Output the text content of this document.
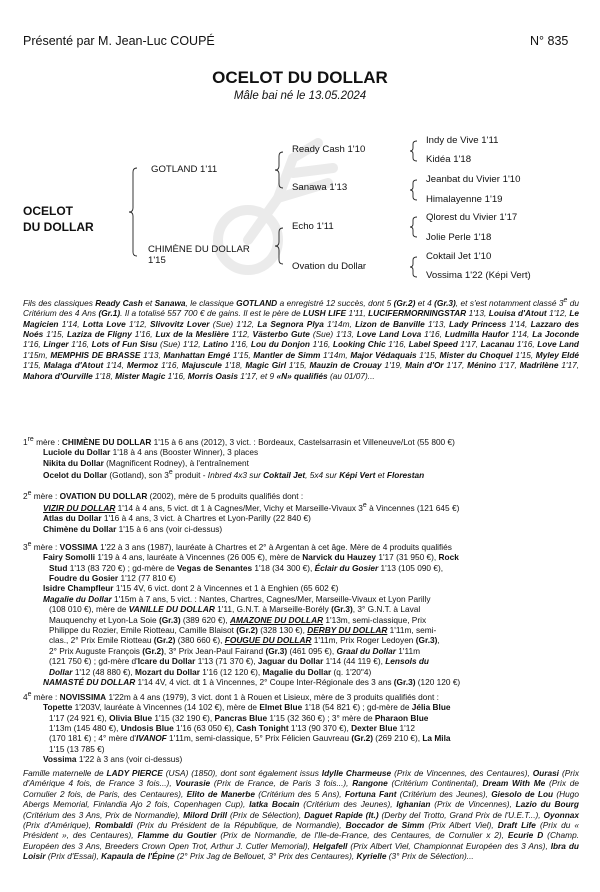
Présenté par M. Jean-Luc COUPÉ	N° 835
OCELOT DU DOLLAR
Mâle bai né le 13.05.2024
OCELOT
DU DOLLAR
GOTLAND 1'11
CHIMÈNE DU DOLLAR
1'15
Ready Cash 1'10
Sanawa 1'13
Echo 1'11
Ovation du Dollar
Indy de Vive 1'11
Kidéa 1'18
Jeanbat du Vivier 1'10
Himalayenne 1'19
Qlorest du Vivier 1'17
Jolie Perle 1'18
Coktail Jet 1'10
Vossima 1'22 (Képi Vert)
Fils des classiques Ready Cash et Sanawa, le classique GOTLAND a enregistré 12 succès, dont 5 (Gr.2) et 4 (Gr.3), et s'est notamment classé 3e du Critérium des 4 Ans (Gr.1). Il a totalisé 557 700 € de gains. Il est le père de LUSH LIFE 1'11, LUCIFERMORNINGSTAR 1'13, Louisa d'Atout 1'12, Le Magicien 1'14, Lotta Love 1'12, Slivovitz Lover (Sue) 1'12, La Segnora Plya 1'14m, Lizon de Banville 1'13, Lady Princess 1'14, Lazzaro des Noés 1'15, Laziza de Fligny 1'16, Lux de la Meslière 1'12, Västerbo Gute (Sue) 1'13, Love Land Lova 1'16, Ludmilla Haufor 1'14, La Joconde 1'16, Linger 1'16, Lots of Fun Sisu (Sue) 1'12, Latino 1'16, Lou du Donjon 1'16, Looking Chic 1'16, Label Speed 1'17, Lacanau 1'16, Love Land 1'15m, MEMPHIS DE BRASSE 1'13, Manhattan Emgé 1'15, Mantler de Simm 1'14m, Major Védaquais 1'15, Mister du Choquel 1'15, Myley Eldé 1'15, Malaga d'Atout 1'14, Mermoz 1'16, Majuscule 1'18, Magic Girl 1'15, Mauzin de Crouay 1'19, Main d'Or 1'17, Ménino 1'17, Madrilène 1'17, Mahora d'Ourville 1'18, Mister Magic 1'16, Morris Oasis 1'17, et 9 «N» qualifiés (au 01/07)...

1re mère : CHIMÈNE DU DOLLAR 1'15 à 6 ans (2012), 3 vict. : Bordeaux, Castelsarrasin et Villeneuve/Lot (55 800 €)

Luciole du Dollar 1'18 à 4 ans (Booster Winner), 3 places

Nikita du Dollar (Magnificent Rodney), à l'entraînement

Ocelot du Dollar (Gotland), son 3e produit - Inbred 4x3 sur Coktail Jet, 5x4 sur Képi Vert et Florestan

2e mère : OVATION DU DOLLAR (2002), mère de 5 produits qualifiés dont :

VIZIR DU DOLLAR 1'14 à 4 ans, 5 vict. dt 1 à Cagnes/Mer, Vichy et Marseille-Vivaux 3e à Vincennes (121 645 €)

Atlas du Dollar 1'16 à 4 ans, 3 vict. à Chartres et Lyon-Parilly (22 840 €)

Chimène du Dollar 1'15 à 6 ans (voir ci-dessus)

3e mère : VOSSIMA 1'22 à 3 ans (1987), lauréate à Chartres et 2° à Argentan à cet âge. Mère de 4 produits qualifiés

Fairy Somolli 1'19 à 4 ans, lauréate à Vincennes (26 005 €), mère de Narvick du Hauzey 1'17 (31 950 €), Rock

Stud 1'13 (83 720 €) ; gd-mère de Vegas de Senantes 1'18 (34 300 €), Éclair du Gosier 1'13 (105 090 €),

Foudre du Gosier 1'12 (77 810 €)

Isidre Champfleur 1'15 4V, 6 vict. dont 2 à Vincennes et 1 à Enghien (65 602 €)

Magalie du Dollar 1'15m à 7 ans, 5 vict. : Nantes, Chartres, Cagnes/Mer, Marseille-Vivaux et Lyon Parilly

(108 010 €), mère de VANILLE DU DOLLAR 1'11, G.N.T. à Marseille-Borély (Gr.3), 3° G.N.T. à Laval

Mauquenchy et Lyon-La Soie (Gr.3) (389 620 €), AMAZONE DU DOLLAR 1'13m, semi-classique, Prix

Philippe du Rozier, Emile Riotteau, Camille Blaisot (Gr.2) (328 130 €), DERBY DU DOLLAR 1'11m, semi-

clas., 2° Prix Emile Riotteau (Gr.2) (380 660 €), FOUGUE DU DOLLAR 1'11m, Prix Roger Ledoyen (Gr.3),

2° Prix Auguste François (Gr.2), 3° Prix Jean-Paul Fairand (Gr.3) (461 095 €), Graal du Dollar 1'11m

(121 750 €) ; gd-mère d'Icare du Dollar 1'13 (71 370 €), Jaguar du Dollar 1'14 (44 119 €), Lensols du

Dollar 1'12 (48 880 €), Mozart du Dollar 1'16 (12 120 €), Magalie du Dollar (q. 1'20"4)

NAMASTÉ DU DOLLAR 1'14 4V, 4 vict. dt 1 à Vincennes, 2° Coupe Inter-Régionale des 3 ans (Gr.3) (120 120 €)

4e mère : NOVISSIMA 1'22m à 4 ans (1979), 3 vict. dont 1 à Rouen et Lisieux, mère de 3 produits qualifiés dont :

Topette 1'203V, lauréate à Vincennes (14 102 €), mère de Elmet Blue 1'18 (54 821 €) ; gd-mère de Jélia Blue

1'17 (24 921 €), Olivia Blue 1'15 (32 190 €), Pancras Blue 1'15 (32 360 €) ; 3° mère de Pharaon Blue

1'13m (145 480 €), Undosis Blue 1'16 (63 050 €), Cash Tonight 1'13 (90 370 €), Dexter Blue 1'12

(170 181 €) ; 4° mère d'IVANOF 1'11m, semi-classique, 5° Prix Félicien Gauvreau (Gr.2) (269 210 €), La Mila

1'15 (13 785 €)

Vossima 1'22 à 3 ans (voir ci-dessus)

Famille maternelle de LADY PIERCE (USA) (1850), dont sont également issus Idylle Charmeuse (Prix de Vincennes, des Centaures), Ourasi (Prix d'Amérique 4 fois, de France 3 fois...), Vourasie (Prix de France, de Paris 3 fois...), Rangone (Critérium Continental), Dream With Me (Prix de Cornulier 2 fois, de Paris, des Centaures), Elito de Manerbe (Critérium des 5 Ans), Fortuna Fant (Critérium des Jeunes), Giesolo de Lou (Hugo Abergs Memorial, Finlandia Ajo 2 fois, Copenhagen Cup), Iatka Bocain (Critérium des Jeunes), Ighanian (Prix de Vincennes), Lazio du Bourg (Critérium des 3 Ans, Prix de Normandie), Milord Drill (Prix de Sélection), Daguet Rapide (It.) (Derby del Trotto, Grand Prix de l'U.E.T...), Oyonnax (Prix d'Amérique), Rombaldi (Prix du Président de la République, de Normandie), Boccador de Simm (Prix Albert Viel), Draft Life (Prix du « Président », des Centaures), Flamme du Goutier (Prix de Normandie, de l'Ile-de-France, des Centaures, de Cornulier x 2), Ecurie D (Champ. Européen des 3 Ans, Breeders Crown Open Trot, Arthur J. Cutler Memorial), Helgafell (Prix Albert Viel, Championnat Européen des 3 Ans), Ibra du Loisir (Prix d'Essai), Kapaula de l'Épine (2° Prix Jag de Bellouet, 3° Prix des Centaures), Kyrielle (3° Prix de Sélection)...
